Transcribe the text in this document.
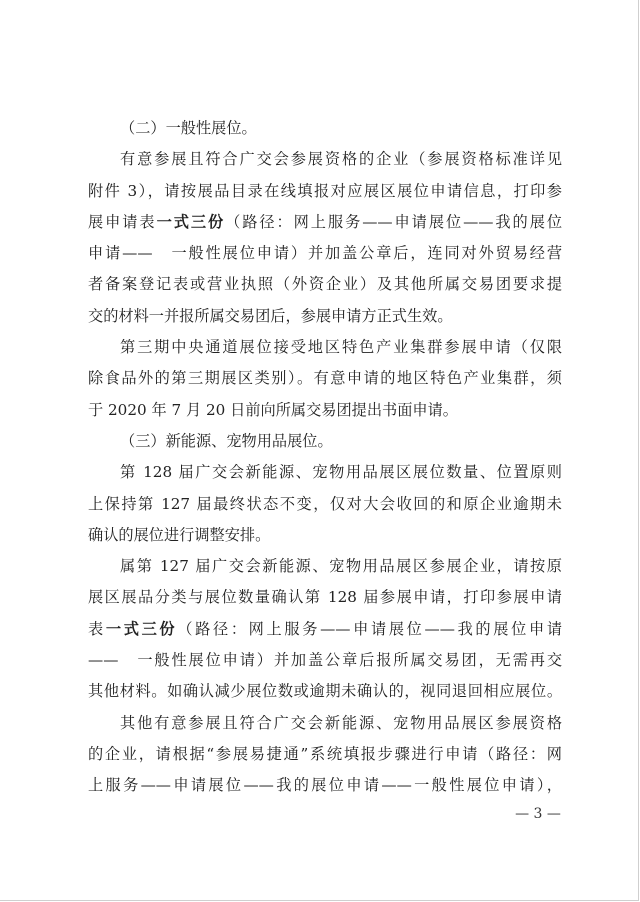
（二）一般性展位。
有意参展且符合广交会参展资格的企业（参展资格标准详见
附件 3），请按展品目录在线填报对应展区展位申请信息，打印参
展申请表一式三份（路径：网上服务——申请展位——我的展位
申请——　一般性展位申请）并加盖公章后，连同对外贸易经营
者备案登记表或营业执照（外资企业）及其他所属交易团要求提
交的材料一并报所属交易团后，参展申请方正式生效。
第三期中央通道展位接受地区特色产业集群参展申请（仅限
除食品外的第三期展区类别）。有意申请的地区特色产业集群，须
于 2020 年 7 月 20 日前向所属交易团提出书面申请。
（三）新能源、宠物用品展位。
第 128 届广交会新能源、宠物用品展区展位数量、位置原则
上保持第 127 届最终状态不变，仅对大会收回的和原企业逾期未
确认的展位进行调整安排。
属第 127 届广交会新能源、宠物用品展区参展企业，请按原
展区展品分类与展位数量确认第 128 届参展申请，打印参展申请
表一式三份（路径：网上服务——申请展位——我的展位申请
——　一般性展位申请）并加盖公章后报所属交易团，无需再交
其他材料。如确认减少展位数或逾期未确认的，视同退回相应展位。
其他有意参展且符合广交会新能源、宠物用品展区参展资格
的企业，请根据“参展易捷通”系统填报步骤进行申请（路径：网
上服务——申请展位——我的展位申请——一般性展位申请），
— 3 —
